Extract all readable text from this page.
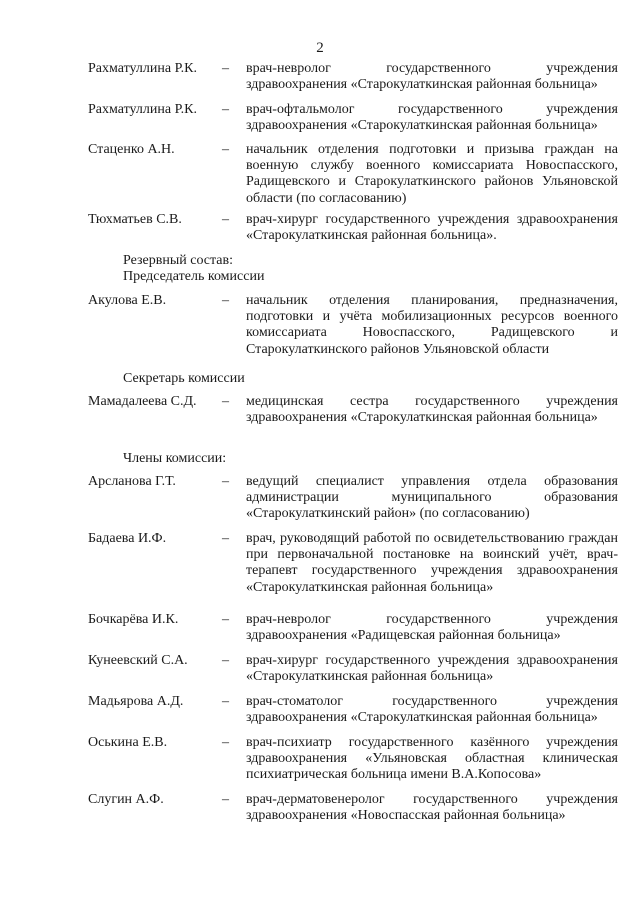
2
Рахматуллина Р.К. – врач-невролог государственного учреждения здравоохранения «Старокулаткинская районная больница»
Рахматуллина Р.К. – врач-офтальмолог государственного учреждения здравоохранения «Старокулаткинская районная больница»
Стаценко А.Н.	– начальник отделения подготовки и призыва граждан на военную службу военного комиссариата Новоспасского, Радищевского и Старокулаткинского районов Ульяновской области (по согласованию)
Тюхматьев С.В.	– врач-хирург государственного учреждения здравоохранения «Старокулаткинская районная больница».
Резервный состав:
Председатель комиссии
Акулова Е.В.	– начальник отделения планирования, предназначения, подготовки и учёта мобилизационных ресурсов военного комиссариата Новоспасского, Радищевского и Старокулаткинского районов Ульяновской области
Секретарь комиссии
Мамадалеева С.Д. – медицинская сестра государственного учреждения здравоохранения «Старокулаткинская районная больница»
Члены комиссии:
Арсланова Г.Т.	– ведущий специалист управления отдела образования администрации муниципального образования «Старокулаткинский район» (по согласованию)
Бадаева И.Ф.	– врач, руководящий работой по освидетельствованию граждан при первоначальной постановке на воинский учёт, врач-терапевт государственного учреждения здравоохранения «Старокулаткинская районная больница»
Бочкарёва И.К.	– врач-невролог государственного учреждения здравоохранения «Радищевская районная больница»
Кунеевский С.А. – врач-хирург государственного учреждения здравоохранения «Старокулаткинская районная больница»
Мадьярова А.Д.	– врач-стоматолог государственного учреждения здравоохранения «Старокулаткинская районная больница»
Оськина Е.В.	– врач-психиатр государственного казённого учреждения здравоохранения «Ульяновская областная клиническая психиатрическая больница имени В.А.Копосова»
Слугин А.Ф.	– врач-дерматовенеролог государственного учреждения здравоохранения «Новоспасская районная больница»
